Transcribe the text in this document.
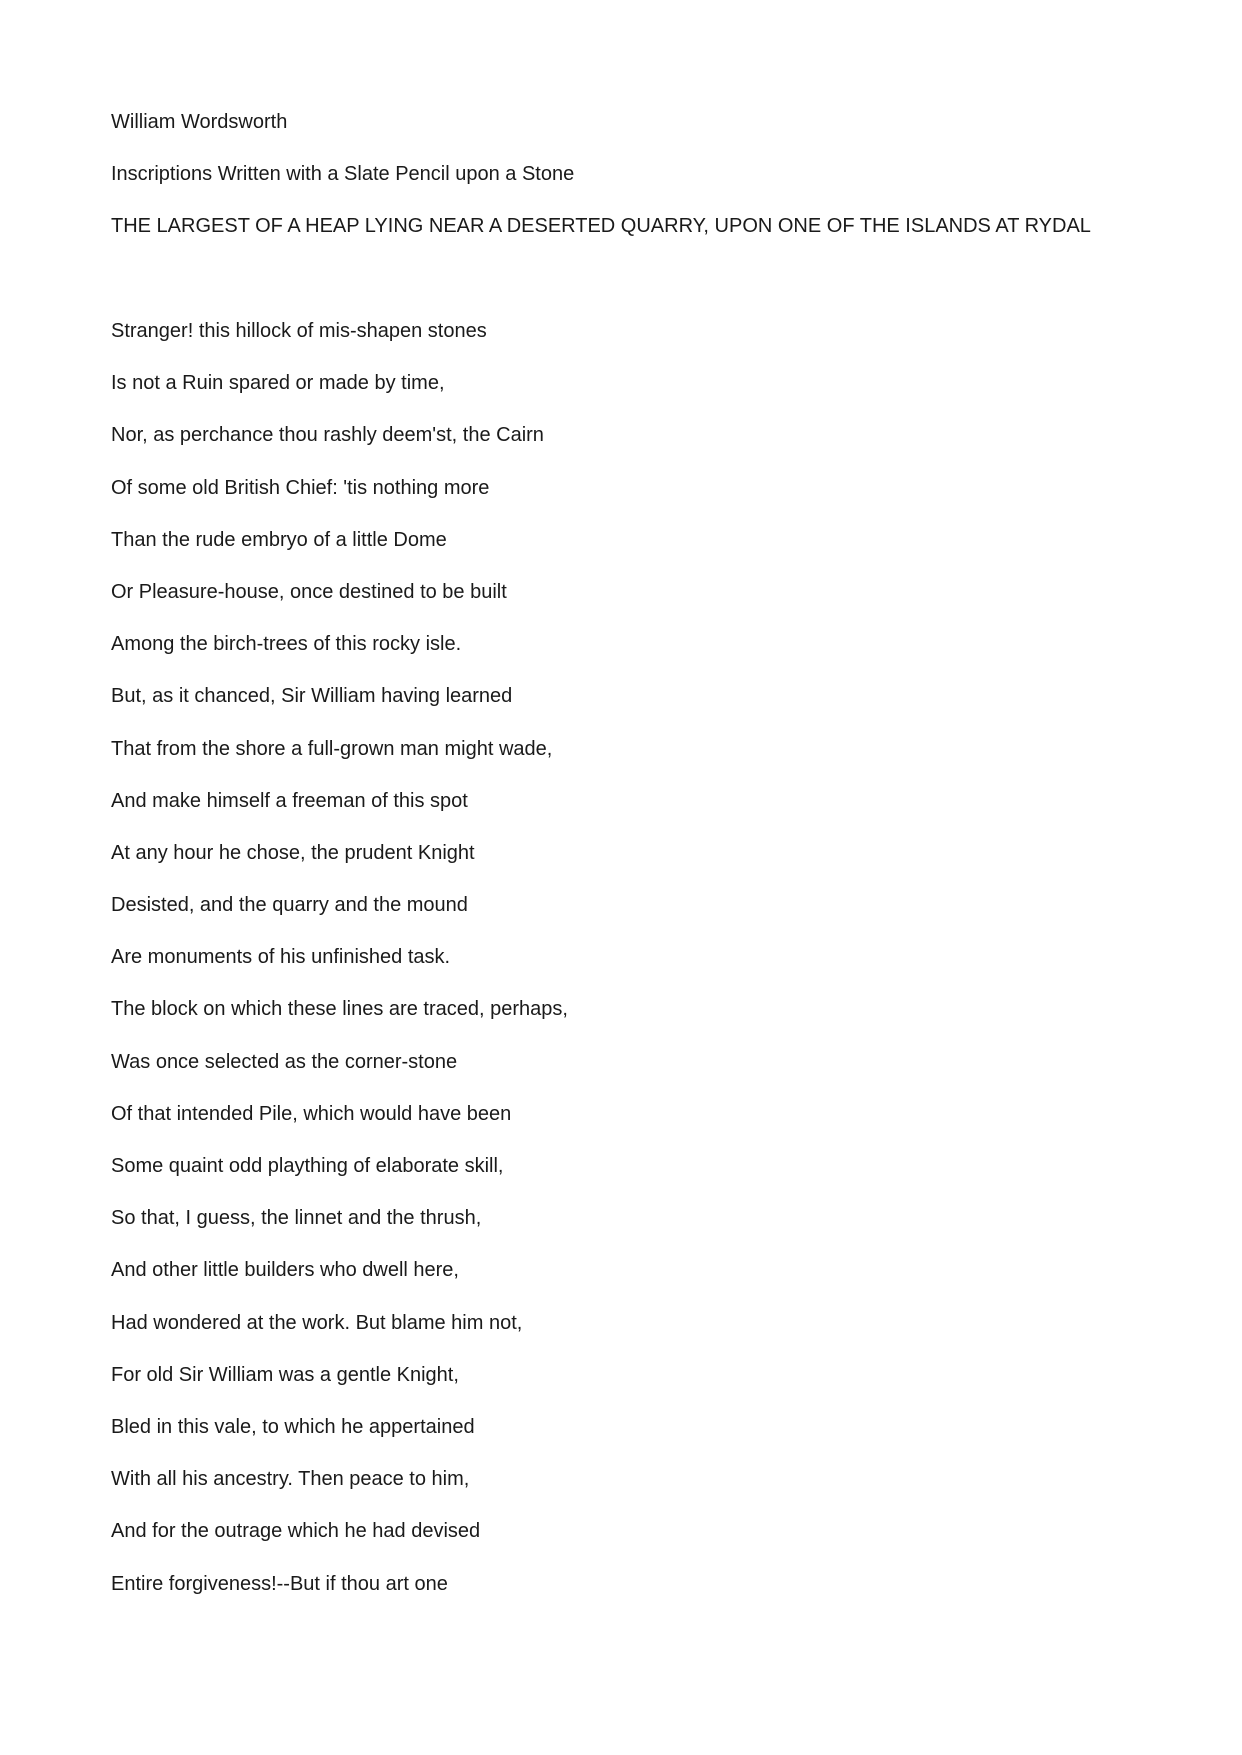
William Wordsworth
Inscriptions Written with a Slate Pencil upon a Stone
THE LARGEST OF A HEAP LYING NEAR A DESERTED QUARRY, UPON ONE OF THE ISLANDS AT RYDAL
Stranger! this hillock of mis-shapen stones
Is not a Ruin spared or made by time,
Nor, as perchance thou rashly deem'st, the Cairn
Of some old British Chief: 'tis nothing more
Than the rude embryo of a little Dome
Or Pleasure-house, once destined to be built
Among the birch-trees of this rocky isle.
But, as it chanced, Sir William having learned
That from the shore a full-grown man might wade,
And make himself a freeman of this spot
At any hour he chose, the prudent Knight
Desisted, and the quarry and the mound
Are monuments of his unfinished task.
The block on which these lines are traced, perhaps,
Was once selected as the corner-stone
Of that intended Pile, which would have been
Some quaint odd plaything of elaborate skill,
So that, I guess, the linnet and the thrush,
And other little builders who dwell here,
Had wondered at the work. But blame him not,
For old Sir William was a gentle Knight,
Bled in this vale, to which he appertained
With all his ancestry. Then peace to him,
And for the outrage which he had devised
Entire forgiveness!--But if thou art one
